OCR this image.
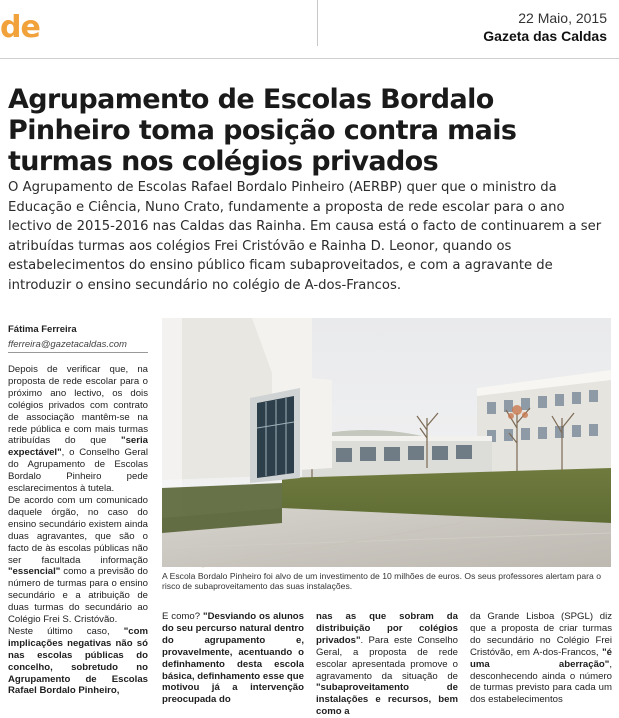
de	22 Maio, 2015
Gazeta das Caldas
Agrupamento de Escolas Bordalo Pinheiro toma posição contra mais turmas nos colégios privados

O Agrupamento de Escolas Rafael Bordalo Pinheiro (AERBP) quer que o ministro da Educação e Ciência, Nuno Crato, fundamente a proposta de rede escolar para o ano lectivo de 2015-2016 nas Caldas das Rainha. Em causa está o facto de continuarem a ser atribuídas turmas aos colégios Frei Cristóvão e Rainha D. Leonor, quando os estabelecimentos do ensino público ficam subaproveitados, e com a agravante de introduzir o ensino secundário no colégio de A-dos-Francos.

Fátima Ferreira
fferreira@gazetacaldas.com

Depois de verificar que, na proposta de rede escolar para o próximo ano lectivo, os dois colégios privados com contrato de associação mantêm-se na rede pública e com mais turmas atribuídas do que "seria expectável", o Conselho Geral do Agrupamento de Escolas Bordalo Pinheiro pede esclarecimentos à tutela.

De acordo com um comunicado daquele órgão, no caso do ensino secundário existem ainda duas agravantes, que são o facto de às escolas públicas não ser facultada informação "essencial" como a previsão do número de turmas para o ensino secundário e a atribuição de duas turmas do secundário ao Colégio Frei S. Cristóvão.

Neste último caso, "com implicações negativas não só nas escolas públicas do concelho, sobretudo no Agrupamento de Escolas Rafael Bordalo Pinheiro,

A Escola Bordalo Pinheiro foi alvo de um investimento de 10 milhões de euros. Os seus professores alertam para o risco de subaproveitamento das suas instalações.

E como? "Desviando os alunos do seu percurso natural dentro do agrupamento e, provavelmente, acentuando o definhamento desta escola básica, definhamento esse que motivou já a intervenção preocupada do

nas as que sobram da distribuição por colégios privados". Para este Conselho Geral, a proposta de rede escolar apresentada promove o agravamento da situação de "subaproveitamento de instalações e recursos, bem como a

da Grande Lisboa (SPGL) diz que a proposta de criar turmas do secundário no Colégio Frei Cristóvão, em A-dos-Francos, "é uma aberração", desconhecendo ainda o número de turmas previsto para cada um dos estabelecimentos
